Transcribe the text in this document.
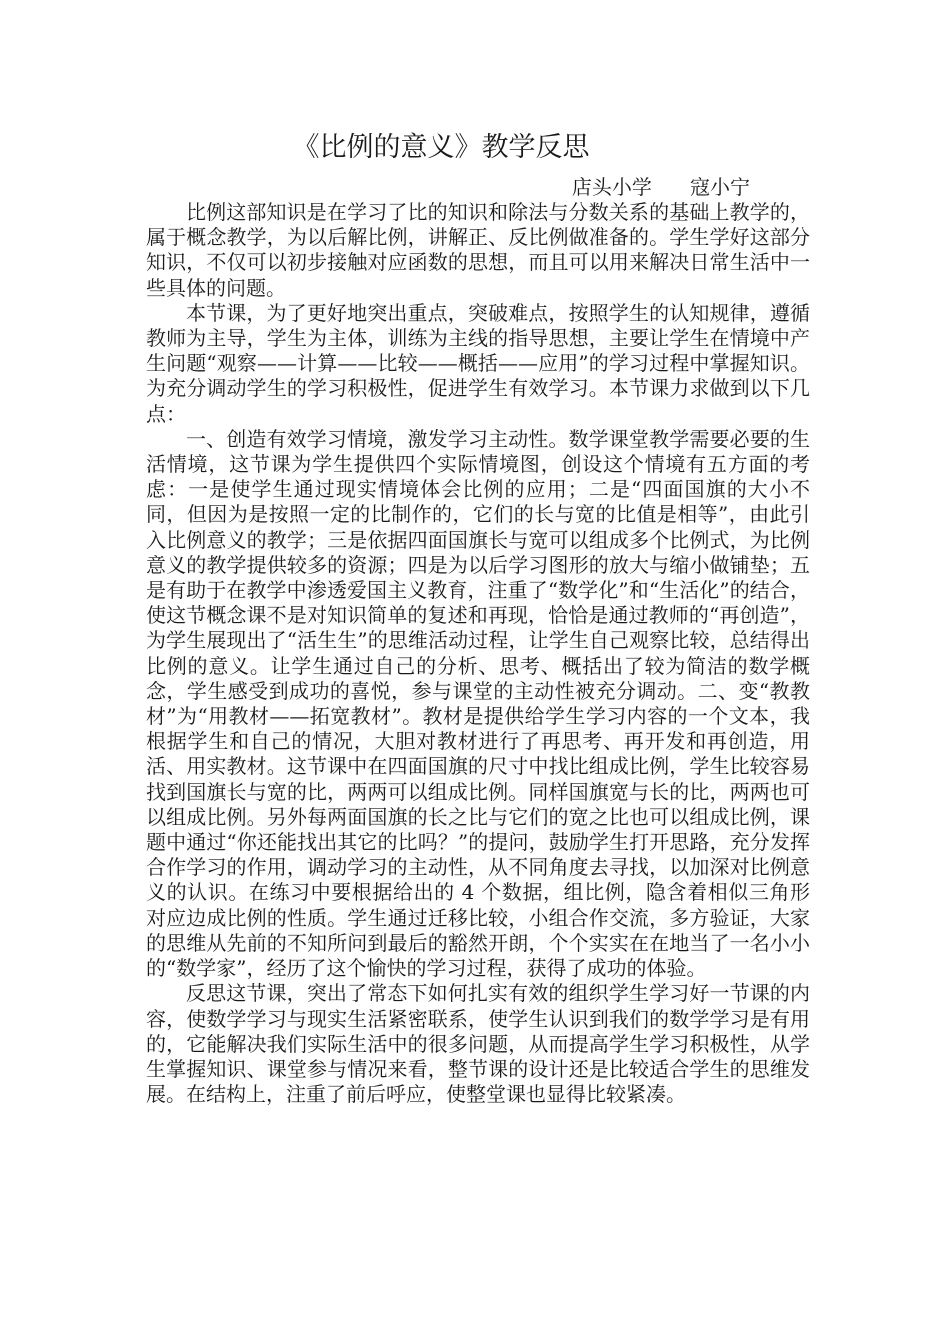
《比例的意义》教学反思
店头小学      寇小宁

比例这部知识是在学习了比的知识和除法与分数关系的基础上教学的，属于概念教学，为以后解比例，讲解正、反比例做准备的。学生学好这部分知识，不仅可以初步接触对应函数的思想，而且可以用来解决日常生活中一些具体的问题。

本节课，为了更好地突出重点，突破难点，按照学生的认知规律，遵循教师为主导，学生为主体，训练为主线的指导思想，主要让学生在情境中产生问题“观察——计算——比较——概括——应用”的学习过程中掌握知识。为充分调动学生的学习积极性，促进学生有效学习。本节课力求做到以下几点：

一、创造有效学习情境，激发学习主动性。数学课堂教学需要必要的生活情境，这节课为学生提供四个实际情境图，创设这个情境有五方面的考虑：一是使学生通过现实情境体会比例的应用；二是“四面国旗的大小不同，但因为是按照一定的比制作的，它们的长与宽的比值是相等”，由此引入比例意义的教学；三是依据四面国旗长与宽可以组成多个比例式，为比例意义的教学提供较多的资源；四是为以后学习图形的放大与缩小做铺垫；五是有助于在教学中渗透爱国主义教育，注重了“数学化”和“生活化”的结合，使这节概念课不是对知识简单的复述和再现，恰恰是通过教师的“再创造”，为学生展现出了“活生生”的思维活动过程，让学生自己观察比较，总结得出比例的意义。让学生通过自己的分析、思考、概括出了较为简洁的数学概念，学生感受到成功的喜悦，参与课堂的主动性被充分调动。二、变“教教材”为“用教材——拓宽教材”。教材是提供给学生学习内容的一个文本，我根据学生和自己的情况，大胆对教材进行了再思考、再开发和再创造，用活、用实教材。这节课中在四面国旗的尺寸中找比组成比例，学生比较容易找到国旗长与宽的比，两两可以组成比例。同样国旗宽与长的比，两两也可以组成比例。另外每两面国旗的长之比与它们的宽之比也可以组成比例，课题中通过“你还能找出其它的比吗？”的提问，鼓励学生打开思路，充分发挥合作学习的作用，调动学习的主动性，从不同角度去寻找，以加深对比例意义的认识。在练习中要根据给出的 4 个数据，组比例，隐含着相似三角形对应边成比例的性质。学生通过迁移比较，小组合作交流，多方验证，大家的思维从先前的不知所问到最后的豁然开朗，个个实实在在地当了一名小小的“数学家”，经历了这个愉快的学习过程，获得了成功的体验。

反思这节课，突出了常态下如何扎实有效的组织学生学习好一节课的内容，使数学学习与现实生活紧密联系，使学生认识到我们的数学学习是有用的，它能解决我们实际生活中的很多问题，从而提高学生学习积极性，从学生掌握知识、课堂参与情况来看，整节课的设计还是比较适合学生的思维发展。在结构上，注重了前后呼应，使整堂课也显得比较紧凑。
